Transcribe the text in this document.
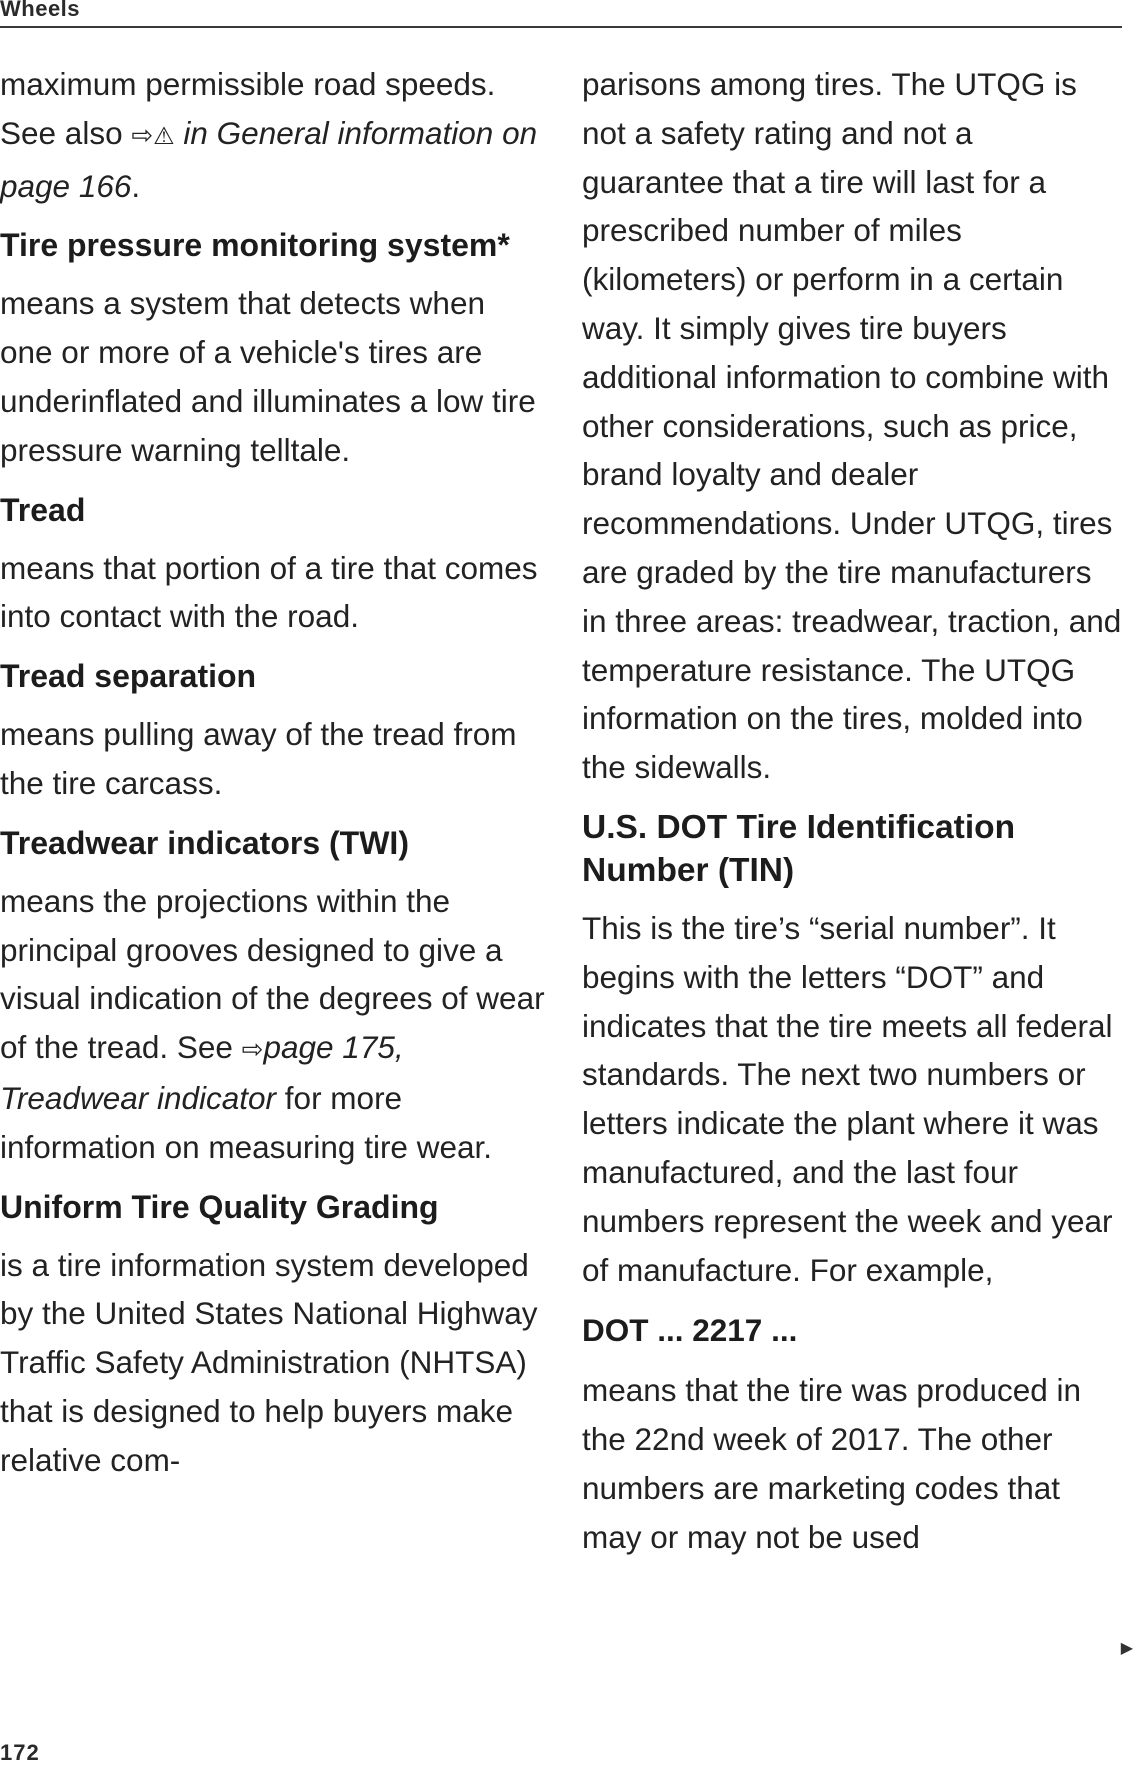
Wheels

maximum permissible road speeds. See also ⇨⚠ in General information on page 166.

Tire pressure monitoring system*

means a system that detects when one or more of a vehicle's tires are underinflated and illuminates a low tire pressure warning telltale.

Tread

means that portion of a tire that comes into contact with the road.

Tread separation

means pulling away of the tread from the tire carcass.

Treadwear indicators (TWI)

means the projections within the principal grooves designed to give a visual indication of the degrees of wear of the tread. See ⇨page 175, Treadwear indicator for more information on measuring tire wear.

Uniform Tire Quality Grading

is a tire information system developed by the United States National Highway Traffic Safety Administration (NHTSA) that is designed to help buyers make relative com-

parisons among tires. The UTQG is not a safety rating and not a guarantee that a tire will last for a prescribed number of miles (kilometers) or perform in a certain way. It simply gives tire buyers additional information to combine with other considerations, such as price, brand loyalty and dealer recommendations. Under UTQG, tires are graded by the tire manufacturers in three areas: treadwear, traction, and temperature resistance. The UTQG information on the tires, molded into the sidewalls.

U.S. DOT Tire Identification Number (TIN)

This is the tire’s “serial number”. It begins with the letters “DOT” and indicates that the tire meets all federal standards. The next two numbers or letters indicate the plant where it was manufactured, and the last four numbers represent the week and year of manufacture. For example,

DOT ... 2217 ...

means that the tire was produced in the 22nd week of 2017. The other numbers are marketing codes that may or may not be used

▶
172
